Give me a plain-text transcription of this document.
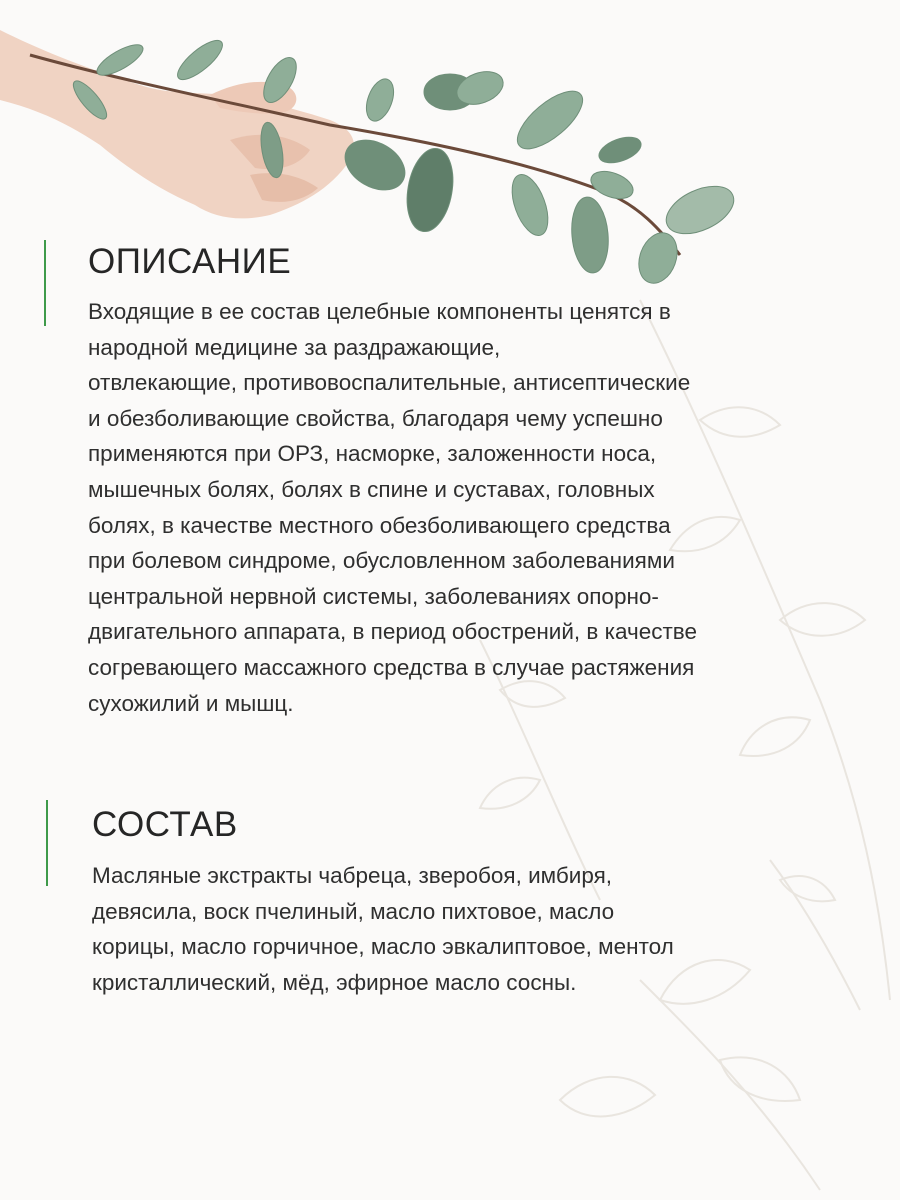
ОПИСАНИЕ
Входящие в ее состав целебные компоненты ценятся в
народной медицине за раздражающие,
отвлекающие, противовоспалительные, антисептические
и обезболивающие свойства, благодаря чему успешно
применяются при ОРЗ, насморке, заложенности носа,
мышечных болях, болях в спине и суставах, головных
болях, в качестве местного обезболивающего средства
при болевом синдроме, обусловленном заболеваниями
центральной нервной системы, заболеваниях опорно-
двигательного аппарата, в период обострений, в качестве
согревающего массажного средства в случае растяжения
сухожилий и мышц.
СОСТАВ
Масляные экстракты чабреца, зверобоя, имбиря,
девясила, воск пчелиный, масло пихтовое, масло
корицы, масло горчичное, масло эвкалиптовое, ментол
кристаллический, мёд, эфирное масло сосны.
